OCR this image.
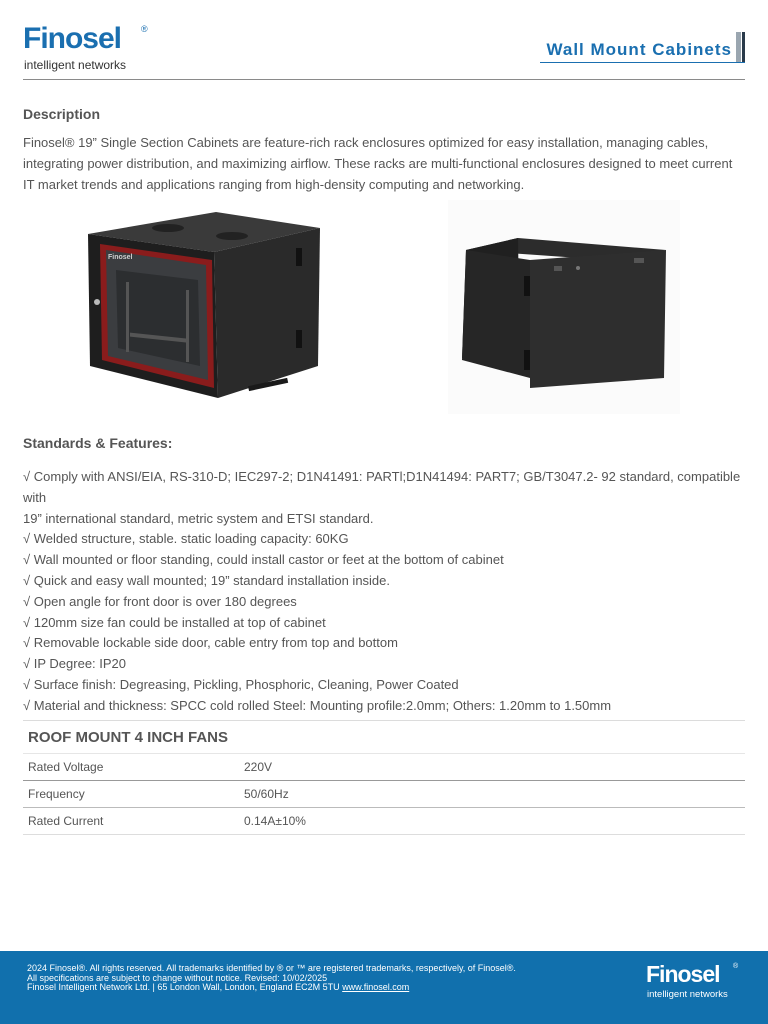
Finosel ®
intelligent networks
Wall Mount Cabinets
Description
Finosel® 19” Single Section Cabinets are feature-rich rack enclosures optimized for easy installation, managing cables,
integrating power distribution, and maximizing airflow. These racks are multi-functional enclosures designed to meet current
IT market trends and applications ranging from high-density computing and networking.
Finosel
Standards & Features:
√ Comply with ANSI/EIA, RS-310-D; IEC297-2; D1N41491: PARTl;D1N41494: PART7; GB/T3047.2- 92 standard, compatible with
19” international standard, metric system and ETSI standard.
√ Welded structure, stable. static loading capacity: 60KG
√ Wall mounted or floor standing, could install castor or feet at the bottom of cabinet
√ Quick and easy wall mounted; 19” standard installation inside.
√ Open angle for front door is over 180 degrees
√ 120mm size fan could be installed at top of cabinet
√ Removable lockable side door, cable entry from top and bottom
√ IP Degree: IP20
√ Surface finish: Degreasing, Pickling, Phosphoric, Cleaning, Power Coated
√ Material and thickness: SPCC cold rolled Steel: Mounting profile:2.0mm; Others: 1.20mm to 1.50mm
ROOF MOUNT 4 INCH FANS
Rated Voltage	220V
Frequency	50/60Hz
Rated Current	0.14A±10%
2024 Finosel®. All rights reserved. All trademarks identified by ® or ™ are registered trademarks, respectively, of Finosel®.
All specifications are subject to change without notice. Revised: 10/02/2025
Finosel Intelligent Network Ltd. | 65 London Wall, London, England EC2M 5TU www.finosel.com	Finosel ®
intelligent networks
